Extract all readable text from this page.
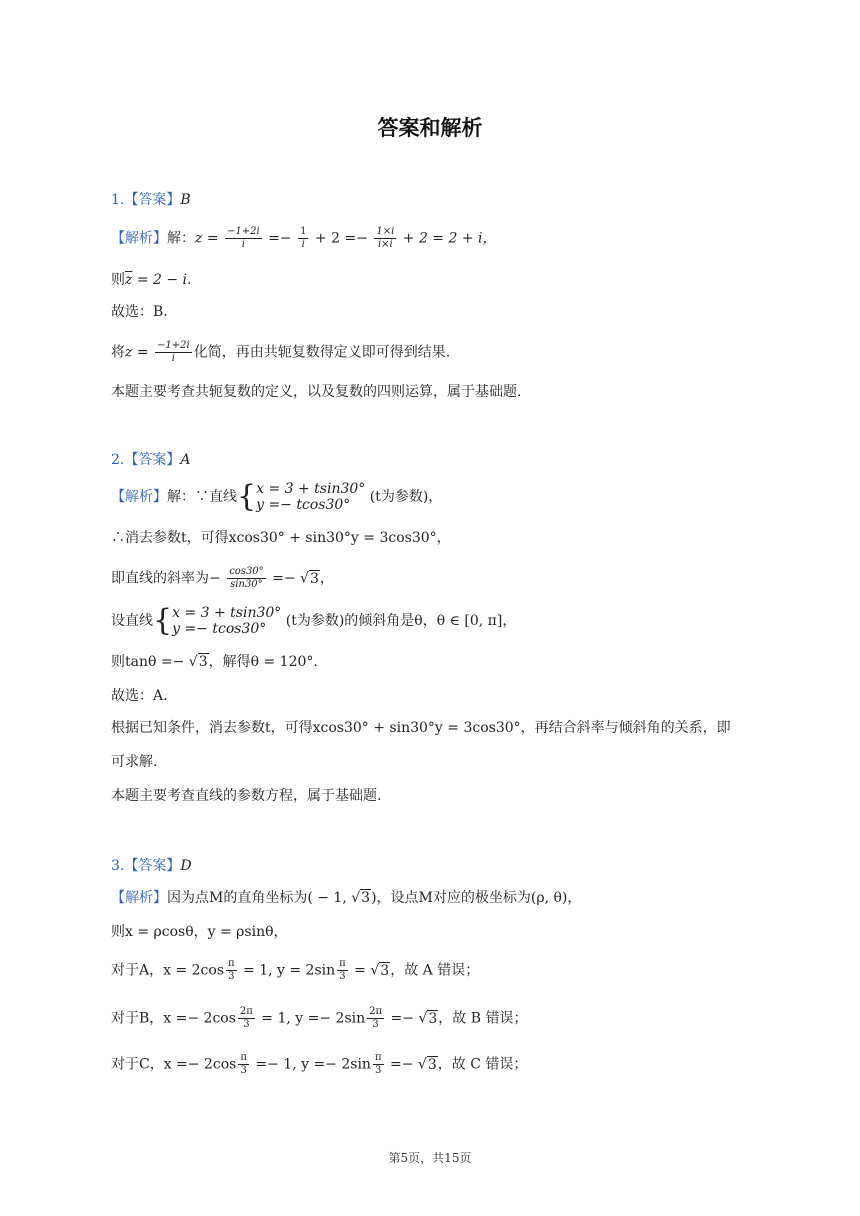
答案和解析
1.【答案】B
【解析】解：$z = \frac{-1+2i}{i} =- \frac{1}{i} + 2 =- \frac{1\times i}{i\times i} + 2 = 2 + i$，
则$\overline{z} = 2 - i$.
故选：B.
将$z = \frac{-1+2i}{i}$ 化简，再由共轭复数得定义即可得到结果.
本题主要考查共轭复数的定义，以及复数的四则运算，属于基础题.
2.【答案】A
【解析】解：∵直线{ x = 3 + tsin30°
y =− tcos30°	(t为参数)，
∴消去参数t，可得xcos30° + sin30°y = 3cos30°，
即直线的斜率为− $\frac{\cos 30^\circ}{\sin 30^\circ} =- √3$，
设直线{ x = 3 + tsin30°
y =− tcos30°	(t为参数)的倾斜角是θ，θ ∈ [0, π]，
则tanθ =− √3，解得θ = 120°.
故选：A.
根据已知条件，消去参数t，可得xcos30° + sin30°y = 3cos30°，再结合斜率与倾斜角的关系，即
可求解.
本题主要考查直线的参数方程，属于基础题.
3.【答案】D
【解析】因为点M的直角坐标为( − 1, √3)，设点M对应的极坐标为(ρ, θ)，
则x = ρcosθ，y = ρsinθ，
对于A，$x = 2\cos \frac{\pi}{3} = 1$, $y = 2\sin \frac{\pi}{3} = √3$，故 A 错误；
对于B，$x =- 2\cos \frac{2\pi}{3} = 1$, $y =- 2\sin \frac{2\pi}{3} =- √3$，故 B 错误；
对于C，$x =- 2\cos \frac{\pi}{3} =- 1$, $y =- 2\sin \frac{\pi}{3} =- √3$，故 C 错误；
第5页，共15页
